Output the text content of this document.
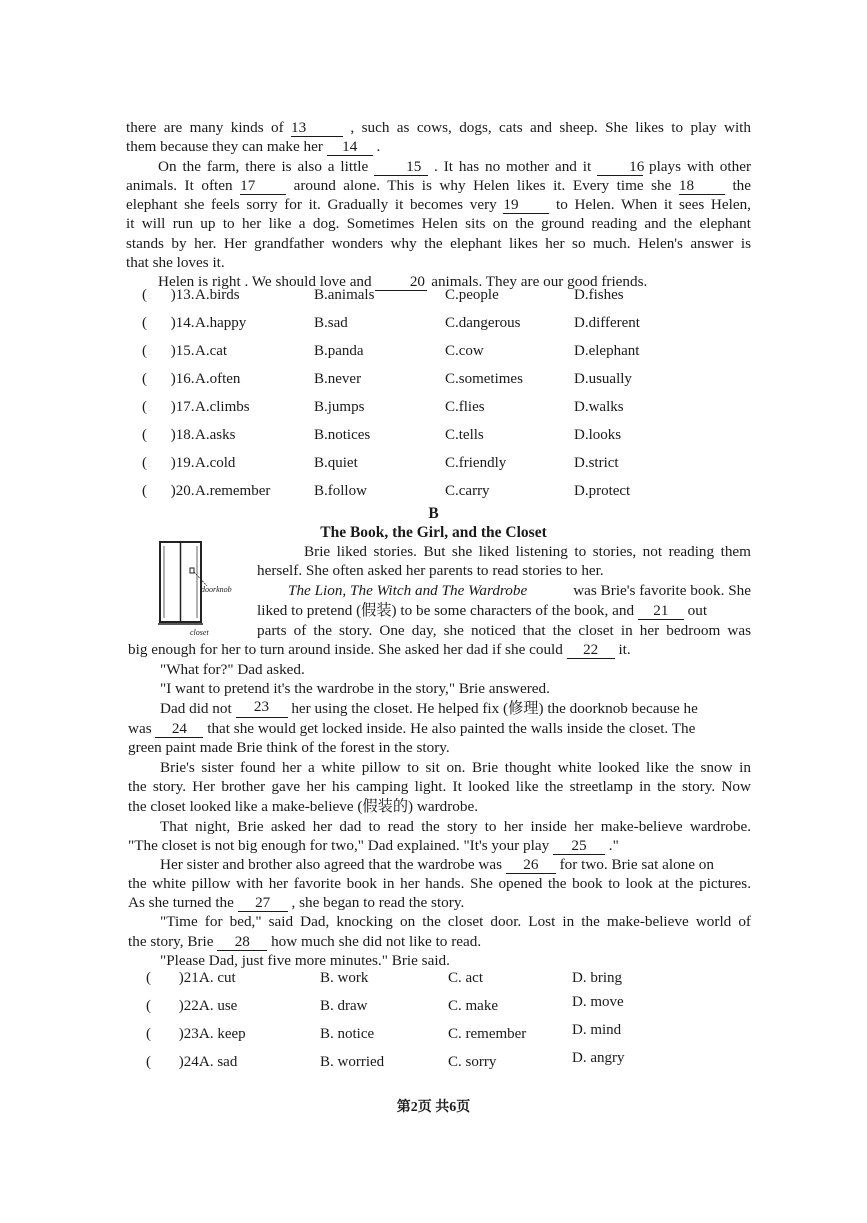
there are many kinds of 13 , such as cows, dogs, cats and sheep. She likes to play with

them because they can make her 14 .

On the farm, there is also a little 15 . It has no mother and it 16 plays with other

animals. It often 17 around alone. This is why Helen likes it. Every time she 18 the

elephant she feels sorry for it. Gradually it becomes very 19 to Helen. When it sees Helen,

it will run up to her like a dog. Sometimes Helen sits on the ground reading and the elephant

stands by her. Her grandfather wonders why the elephant likes her so much. Helen's answer is

that she loves it.

Helen is right . We should love and 20 animals. They are our good friends.

( )13. A.birds	B.animals	C.people	D.fishes
( )14. A.happy	B.sad	C.dangerous	D.different
( )15. A.cat	B.panda	C.cow	D.elephant
( )16. A.often	B.never	C.sometimes	D.usually
( )17. A.climbs	B.jumps	C.flies	D.walks
( )18. A.asks	B.notices	C.tells	D.looks
( )19. A.cold	B.quiet	C.friendly	D.strict
( )20. A.remember	B.follow	C.carry	D.protect
B
The Book, the Girl, and the Closet
doorknob
closet
Brie liked stories. But she liked listening to stories, not reading them
herself. She often asked her parents to read stories to her.
The Lion, The Witch and The Wardrobe	was Brie's favorite book. She
liked to pretend (假装) to be some characters of the book, and 21 out
parts of the story. One day, she noticed that the closet in her bedroom was
big enough for her to turn around inside. She asked her dad if she could 22 it.
"What for?" Dad asked.
"I want to pretend it's the wardrobe in the story," Brie answered.
Dad did not	23	her using the closet. He helped fix (修理) the doorknob because he
was 24 that she would get locked inside. He also painted the walls inside the closet. The
green paint made Brie think of the forest in the story.
Brie's sister found her a white pillow to sit on. Brie thought white looked like the snow in
the story. Her brother gave her his camping light. It looked like the streetlamp in the story. Now
the closet looked like a make-believe (假装的) wardrobe.
That night, Brie asked her dad to read the story to her inside her make-believe wardrobe.
"The closet is not big enough for two," Dad explained. "It's your play 25 ."
Her sister and brother also agreed that the wardrobe was 26 for two. Brie sat alone on
the white pillow with her favorite book in her hands. She opened the book to look at the pictures.
As she turned the 27 , she began to read the story.
"Time for bed," said Dad, knocking on the closet door. Lost in the make-believe world of
the story, Brie 28 how much she did not like to read.
"Please Dad, just five more minutes." Brie said.
( )21.
A. cut	B. work	C. act	D. bring
( )22.
A. use	B. draw	C. make	D. move
( )23.
A. keep	B. notice	C. remember	D. mind
( )24.
A. sad	B. worried	C. sorry	D. angry
第2页 共6页
